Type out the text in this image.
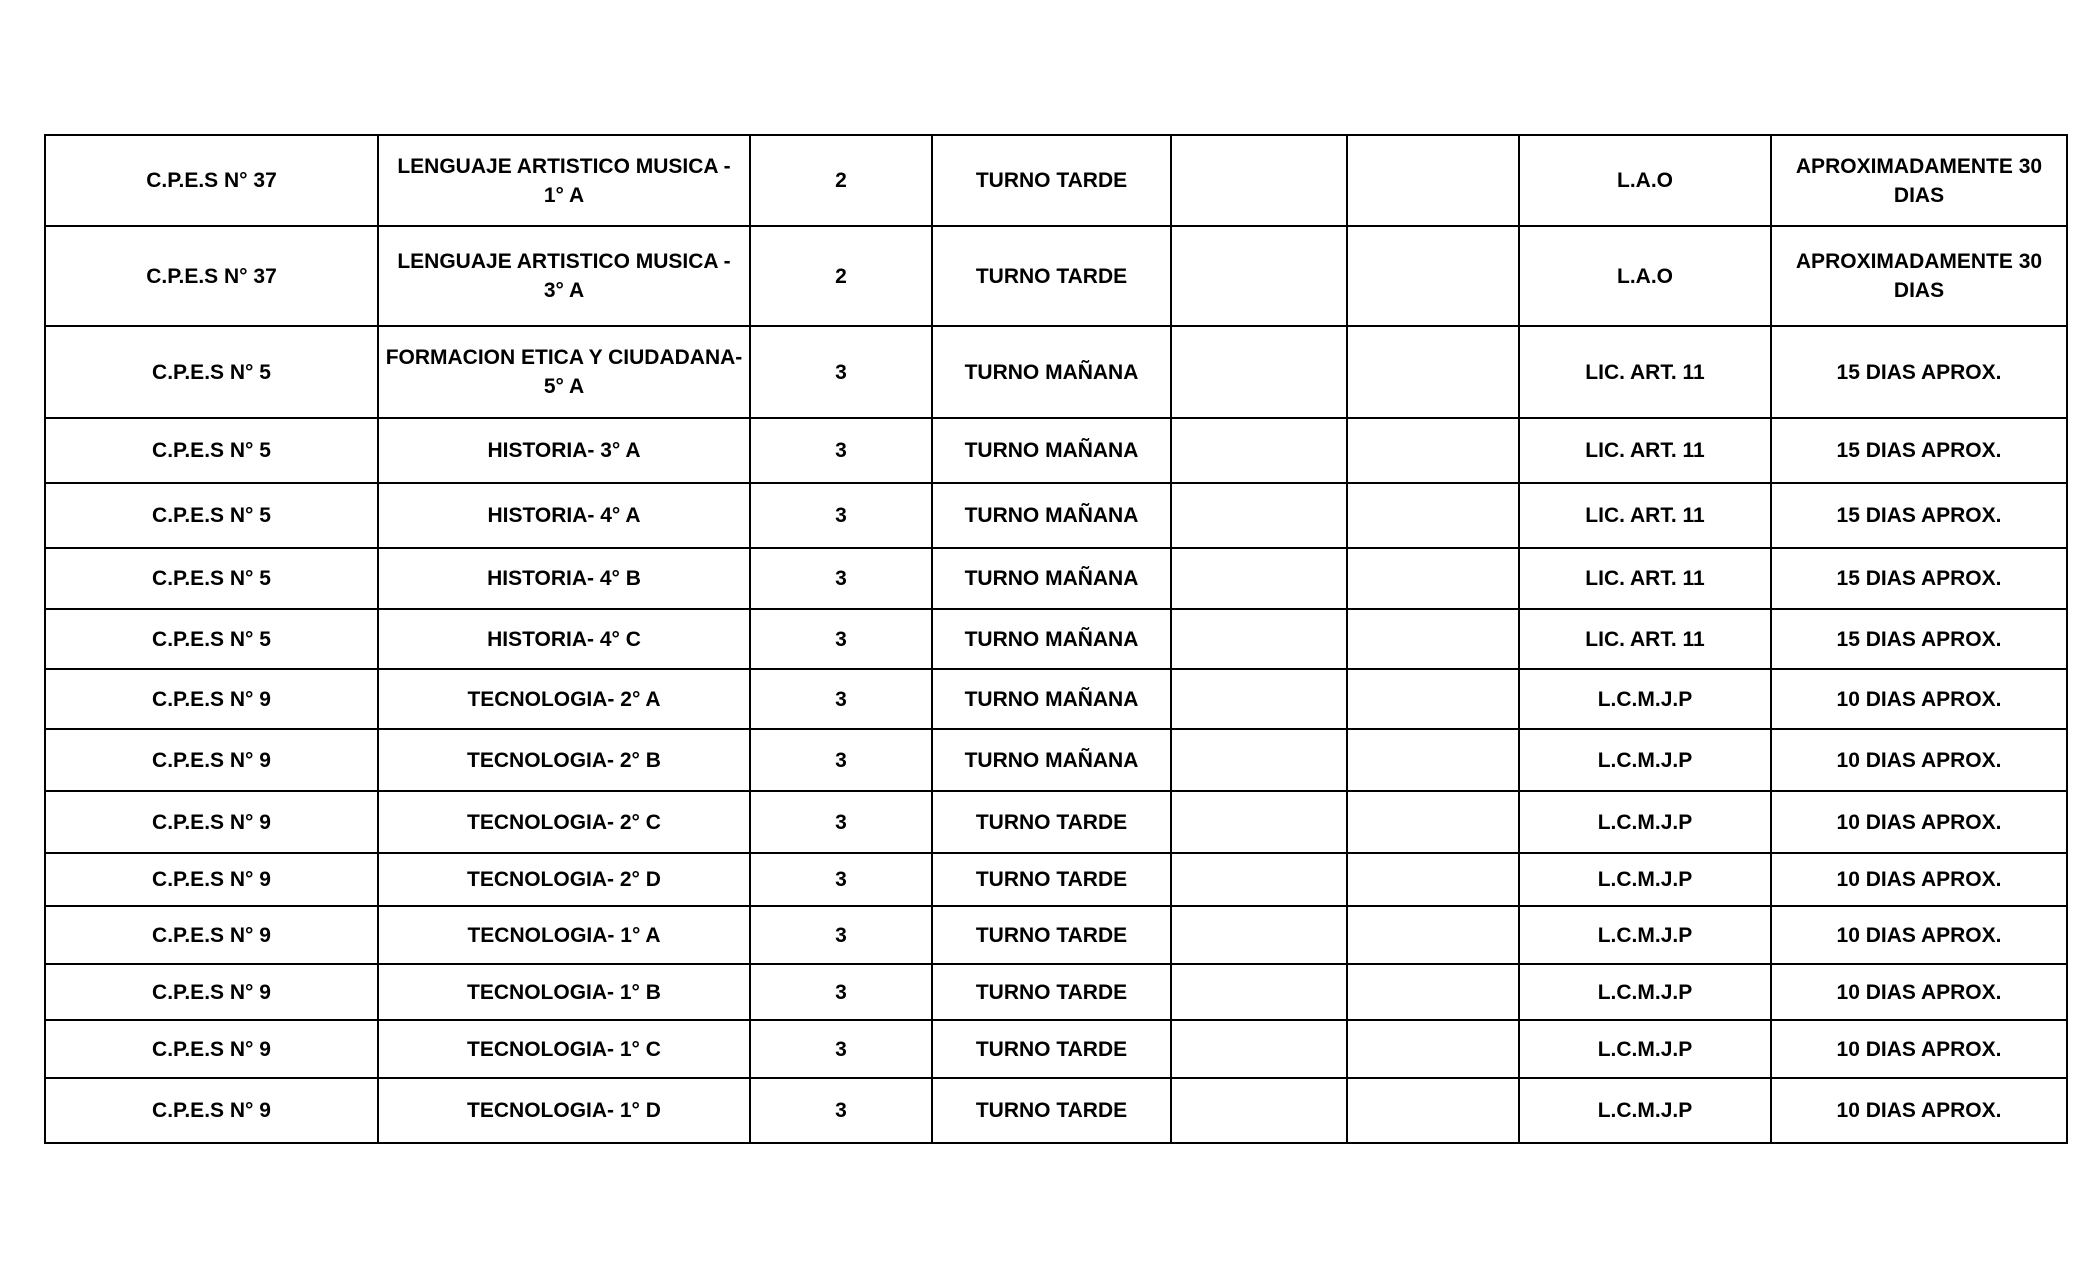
C.P.E.S N° 37	LENGUAJE ARTISTICO MUSICA - 1° A	2	TURNO TARDE			L.A.O	APROXIMADAMENTE 30 DIAS
C.P.E.S N° 37	LENGUAJE ARTISTICO MUSICA - 3° A	2	TURNO TARDE			L.A.O	APROXIMADAMENTE 30 DIAS
C.P.E.S N° 5	FORMACION ETICA Y CIUDADANA- 5° A	3	TURNO MAÑANA			LIC. ART. 11	15 DIAS APROX.
C.P.E.S N° 5	HISTORIA- 3° A	3	TURNO MAÑANA			LIC. ART. 11	15 DIAS APROX.
C.P.E.S N° 5	HISTORIA- 4° A	3	TURNO MAÑANA			LIC. ART. 11	15 DIAS APROX.
C.P.E.S N° 5	HISTORIA- 4° B	3	TURNO MAÑANA			LIC. ART. 11	15 DIAS APROX.
C.P.E.S N° 5	HISTORIA- 4° C	3	TURNO MAÑANA			LIC. ART. 11	15 DIAS APROX.
C.P.E.S N° 9	TECNOLOGIA- 2° A	3	TURNO MAÑANA			L.C.M.J.P	10 DIAS APROX.
C.P.E.S N° 9	TECNOLOGIA- 2° B	3	TURNO MAÑANA			L.C.M.J.P	10 DIAS APROX.
C.P.E.S N° 9	TECNOLOGIA- 2° C	3	TURNO TARDE			L.C.M.J.P	10 DIAS APROX.
C.P.E.S N° 9	TECNOLOGIA- 2° D	3	TURNO TARDE			L.C.M.J.P	10 DIAS APROX.
C.P.E.S N° 9	TECNOLOGIA- 1° A	3	TURNO TARDE			L.C.M.J.P	10 DIAS APROX.
C.P.E.S N° 9	TECNOLOGIA- 1° B	3	TURNO TARDE			L.C.M.J.P	10 DIAS APROX.
C.P.E.S N° 9	TECNOLOGIA- 1° C	3	TURNO TARDE			L.C.M.J.P	10 DIAS APROX.
C.P.E.S N° 9	TECNOLOGIA- 1° D	3	TURNO TARDE			L.C.M.J.P	10 DIAS APROX.
